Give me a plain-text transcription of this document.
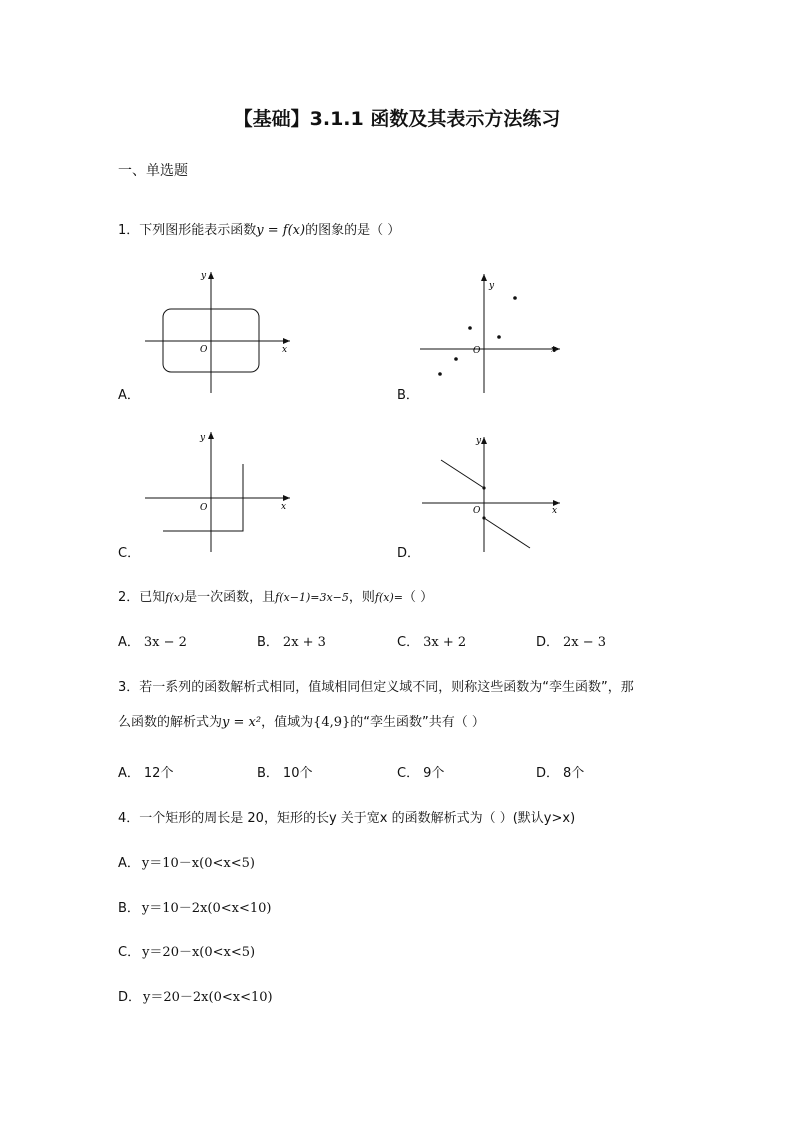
【基础】3.1.1 函数及其表示方法练习
一、单选题
1．下列图形能表示函数y = f(x)的图象的是（ ）
y
x
O
A．
y
x
O
B．
y
x
O
C．
y
x
O
D．
2．已知f(x)是一次函数，且f(x−1)=3x−5，则f(x)=（ ）
A． 3x − 2	B． 2x + 3	C． 3x + 2	D． 2x − 3
3．若一系列的函数解析式相同，值域相同但定义域不同，则称这些函数为“孪生函数”，那
么函数的解析式为y = x²，值域为{4,9}的“孪生函数”共有（ ）
A． 12个	B． 10个	C． 9个	D． 8个
4．一个矩形的周长是 20，矩形的长y 关于宽x 的函数解析式为（ ）(默认y>x)
A． y＝10－x(0<x<5)
B． y＝10－2x(0<x<10)
C． y＝20－x(0<x<5)
D． y＝20－2x(0<x<10)
